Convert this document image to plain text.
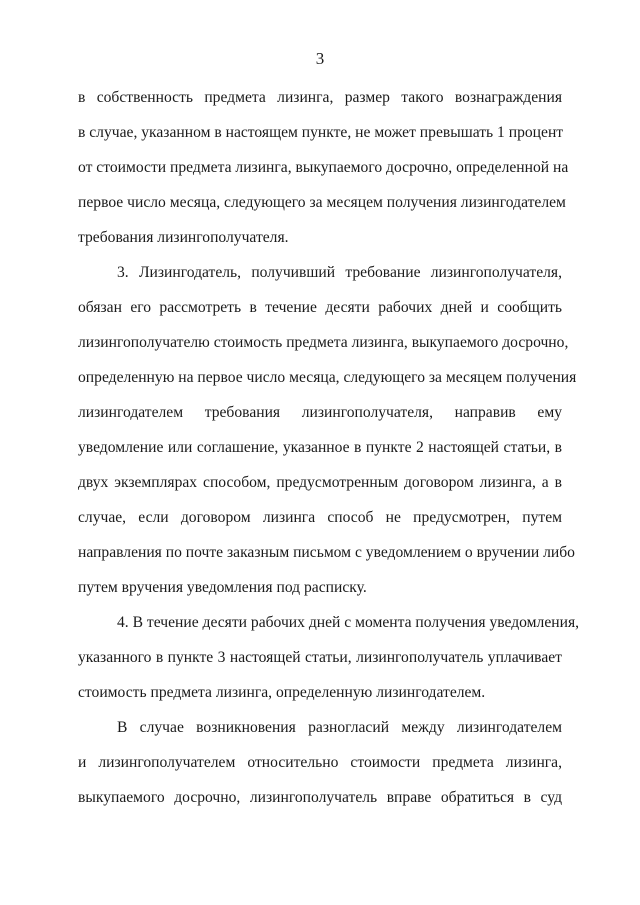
3
в собственность предмета лизинга, размер такого вознаграждения
в случае, указанном в настоящем пункте, не может превышать 1 процент
от стоимости предмета лизинга, выкупаемого досрочно, определенной на
первое число месяца, следующего за месяцем получения лизингодателем
требования лизингополучателя.
3. Лизингодатель, получивший требование лизингополучателя,
обязан его рассмотреть в течение десяти рабочих дней и сообщить
лизингополучателю стоимость предмета лизинга, выкупаемого досрочно,
определенную на первое число месяца, следующего за месяцем получения
лизингодателем требования лизингополучателя, направив ему
уведомление или соглашение, указанное в пункте 2 настоящей статьи, в
двух экземплярах способом, предусмотренным договором лизинга, а в
случае, если договором лизинга способ не предусмотрен, путем
направления по почте заказным письмом с уведомлением о вручении либо
путем вручения уведомления под расписку.
4. В течение десяти рабочих дней с момента получения уведомления,
указанного в пункте 3 настоящей статьи, лизингополучатель уплачивает
стоимость предмета лизинга, определенную лизингодателем.
В случае возникновения разногласий между лизингодателем
и лизингополучателем относительно стоимости предмета лизинга,
выкупаемого досрочно, лизингополучатель вправе обратиться в суд
